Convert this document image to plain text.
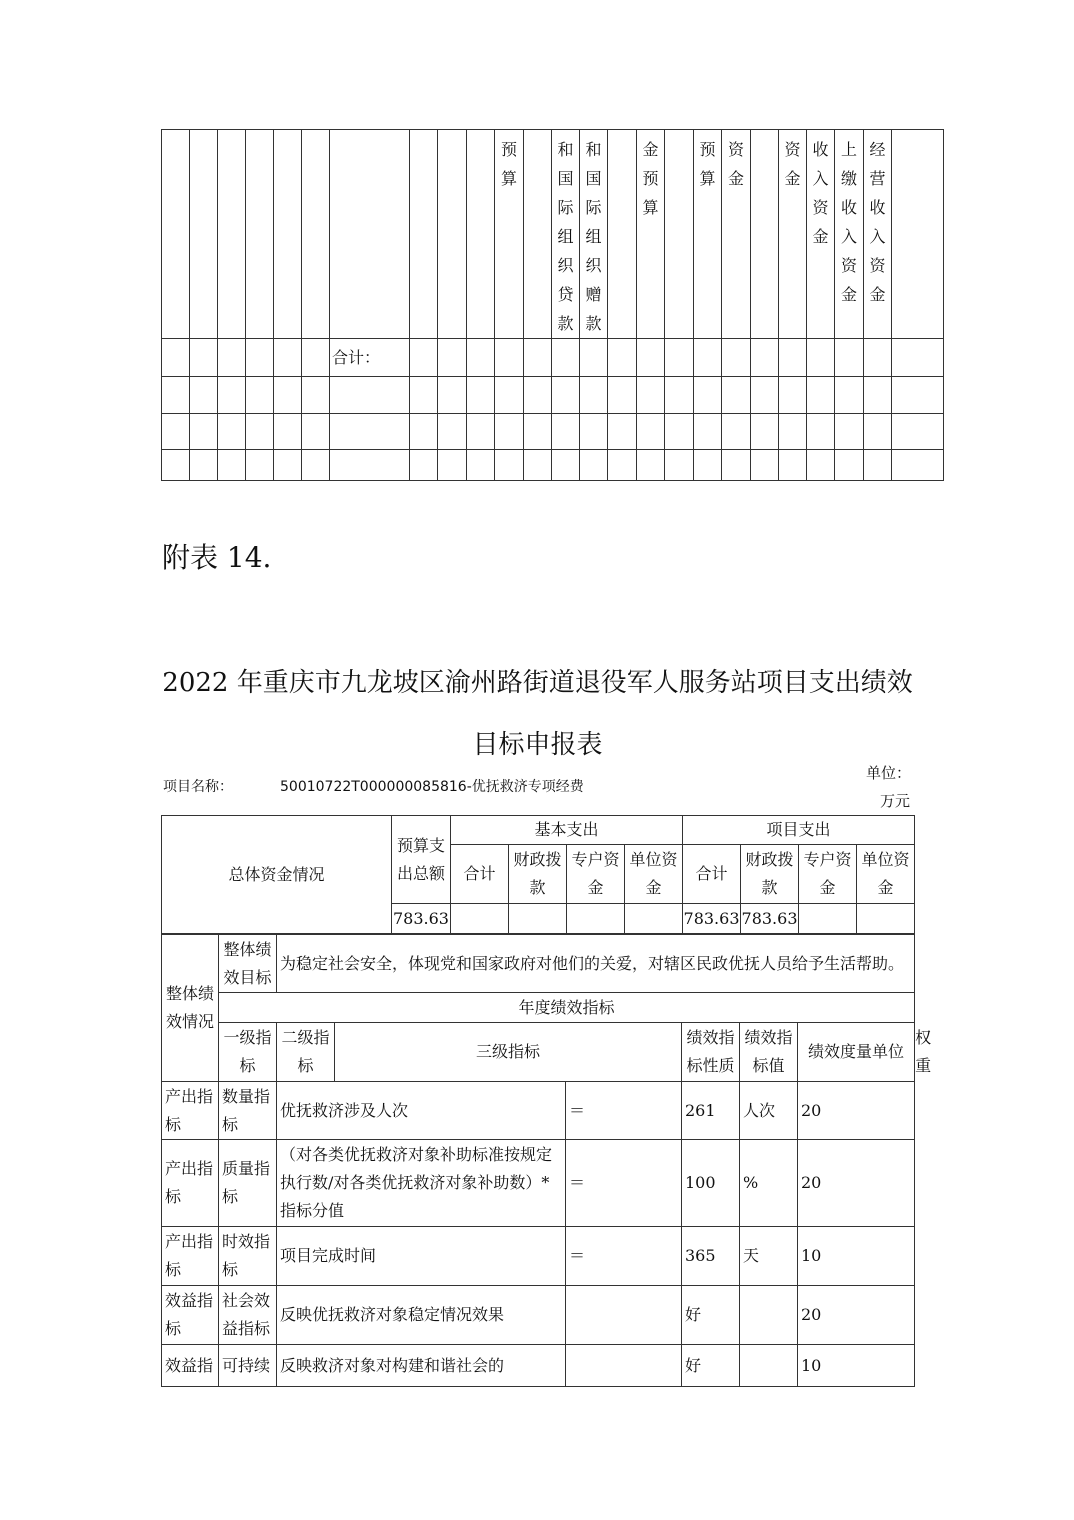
										预算		和国际组织贷款	和国际组织赠款		金预算		预算	资金		资金	收入资金	上缴收入资金	经营收入资金	

						合计：																		

附表 14.
2022 年重庆市九龙坡区渝州路街道退役军人服务站项目支出绩效目标申报表
项目名称：	50010722T000000085816-优抚救济专项经费
单位：
万元
总体资金情况	预算支出总额	基本支出				项目支出			
		合计	财政拨款	专户资金	单位资金	合计	财政拨款	专户资金	单位资金
	783.63					783.63	783.63		
整体绩效情况	整体绩效目标	为稳定社会安全，体现党和国家政府对他们的关爱，对辖区民政优抚人员给予生活帮助。						
	年度绩效指标							
	一级指标	二级指标	三级指标		绩效指标性质	绩效指标值	绩效度量单位	权重
产出指标	数量指标	优抚救济涉及人次		＝	261	人次	20	
产出指标	质量指标	（对各类优抚救济对象补助标准按规定执行数/对各类优抚救济对象补助数）*指标分值		＝	100	%	20	
产出指标	时效指标	项目完成时间		＝	365	天	10	
效益指标	社会效益指标	反映优抚救济对象稳定情况效果			好		20	
效益指	可持续	反映救济对象对构建和谐社会的			好		10	
